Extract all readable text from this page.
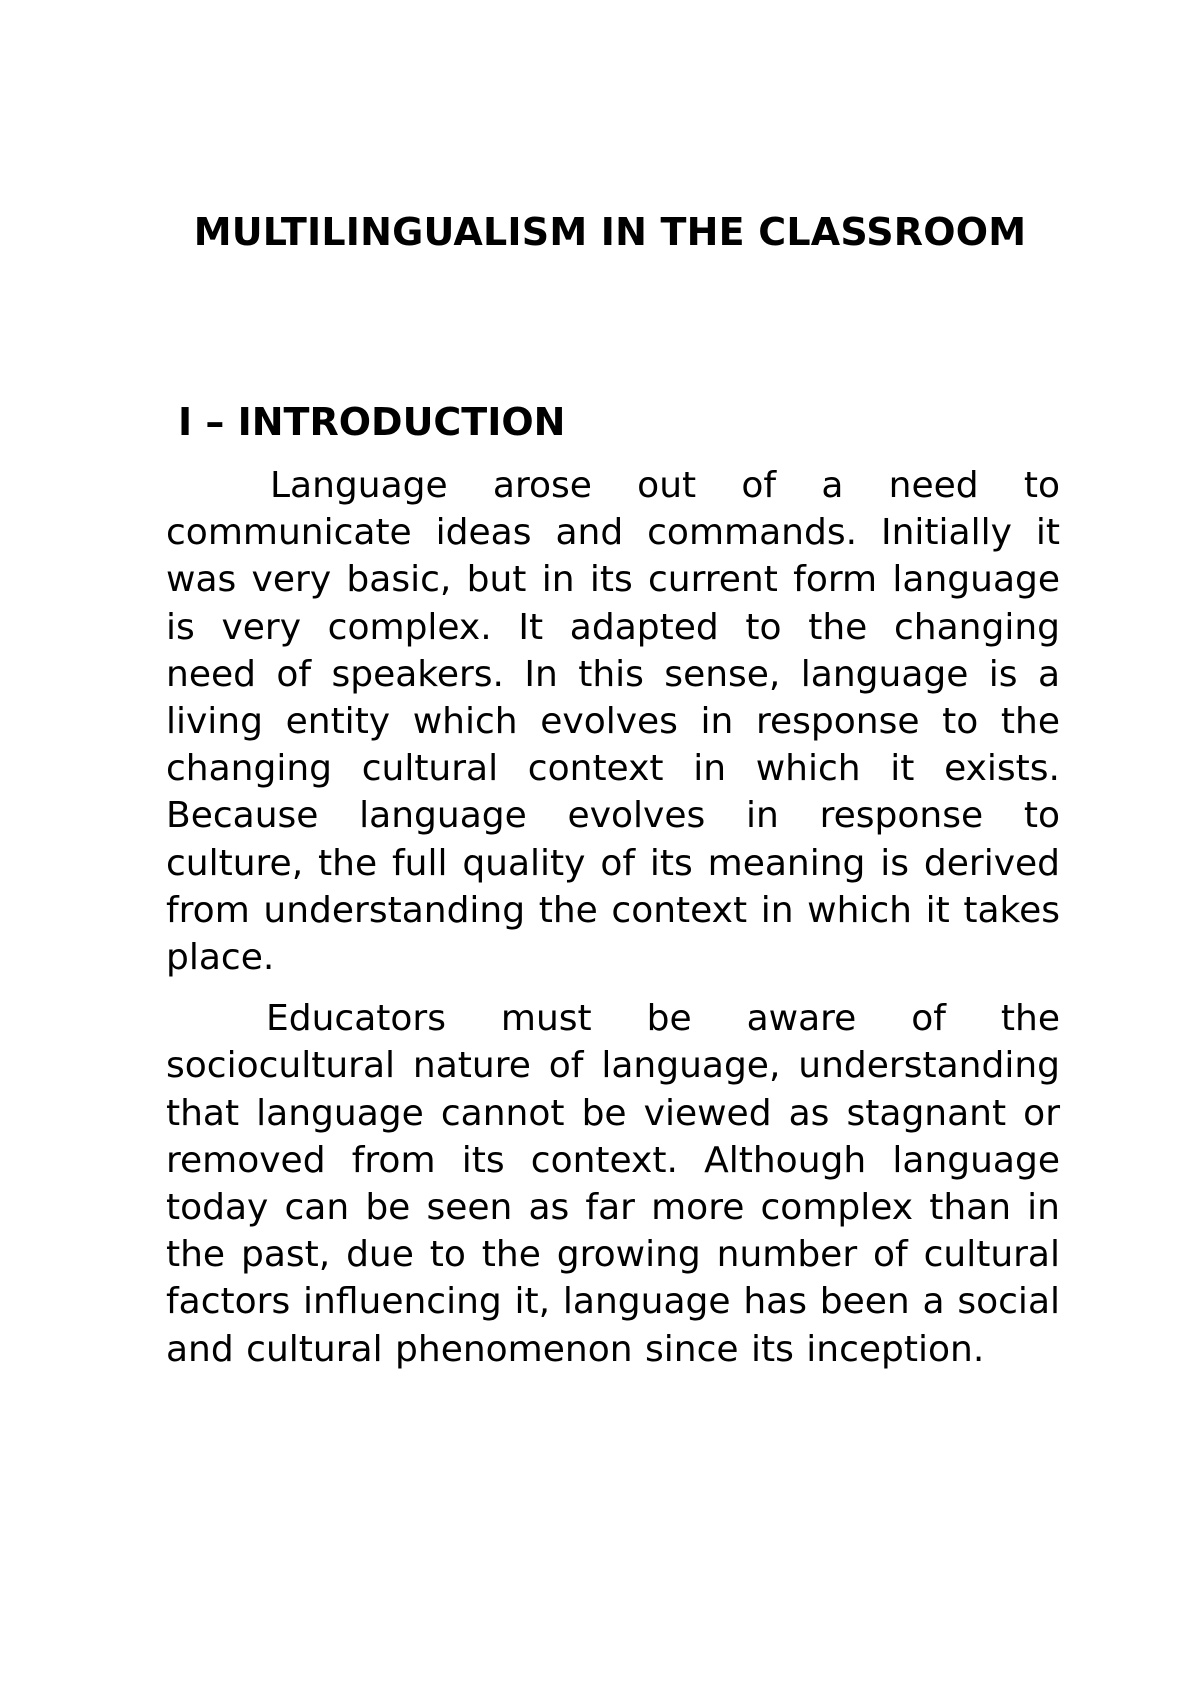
MULTILINGUALISM IN THE CLASSROOM
I – INTRODUCTION

Language arose out of a need to communicate ideas and commands. Initially it was very basic, but in its current form language is very complex. It adapted to the changing need of speakers. In this sense, language is a living entity which evolves in response to the changing cultural context in which it exists. Because language evolves in response to culture, the full quality of its meaning is derived from understanding the context in which it takes place.

Educators must be aware of the sociocultural nature of language, understanding that language cannot be viewed as stagnant or removed from its context. Although language today can be seen as far more complex than in the past, due to the growing number of cultural factors influencing it, language has been a social and cultural phenomenon since its inception.
